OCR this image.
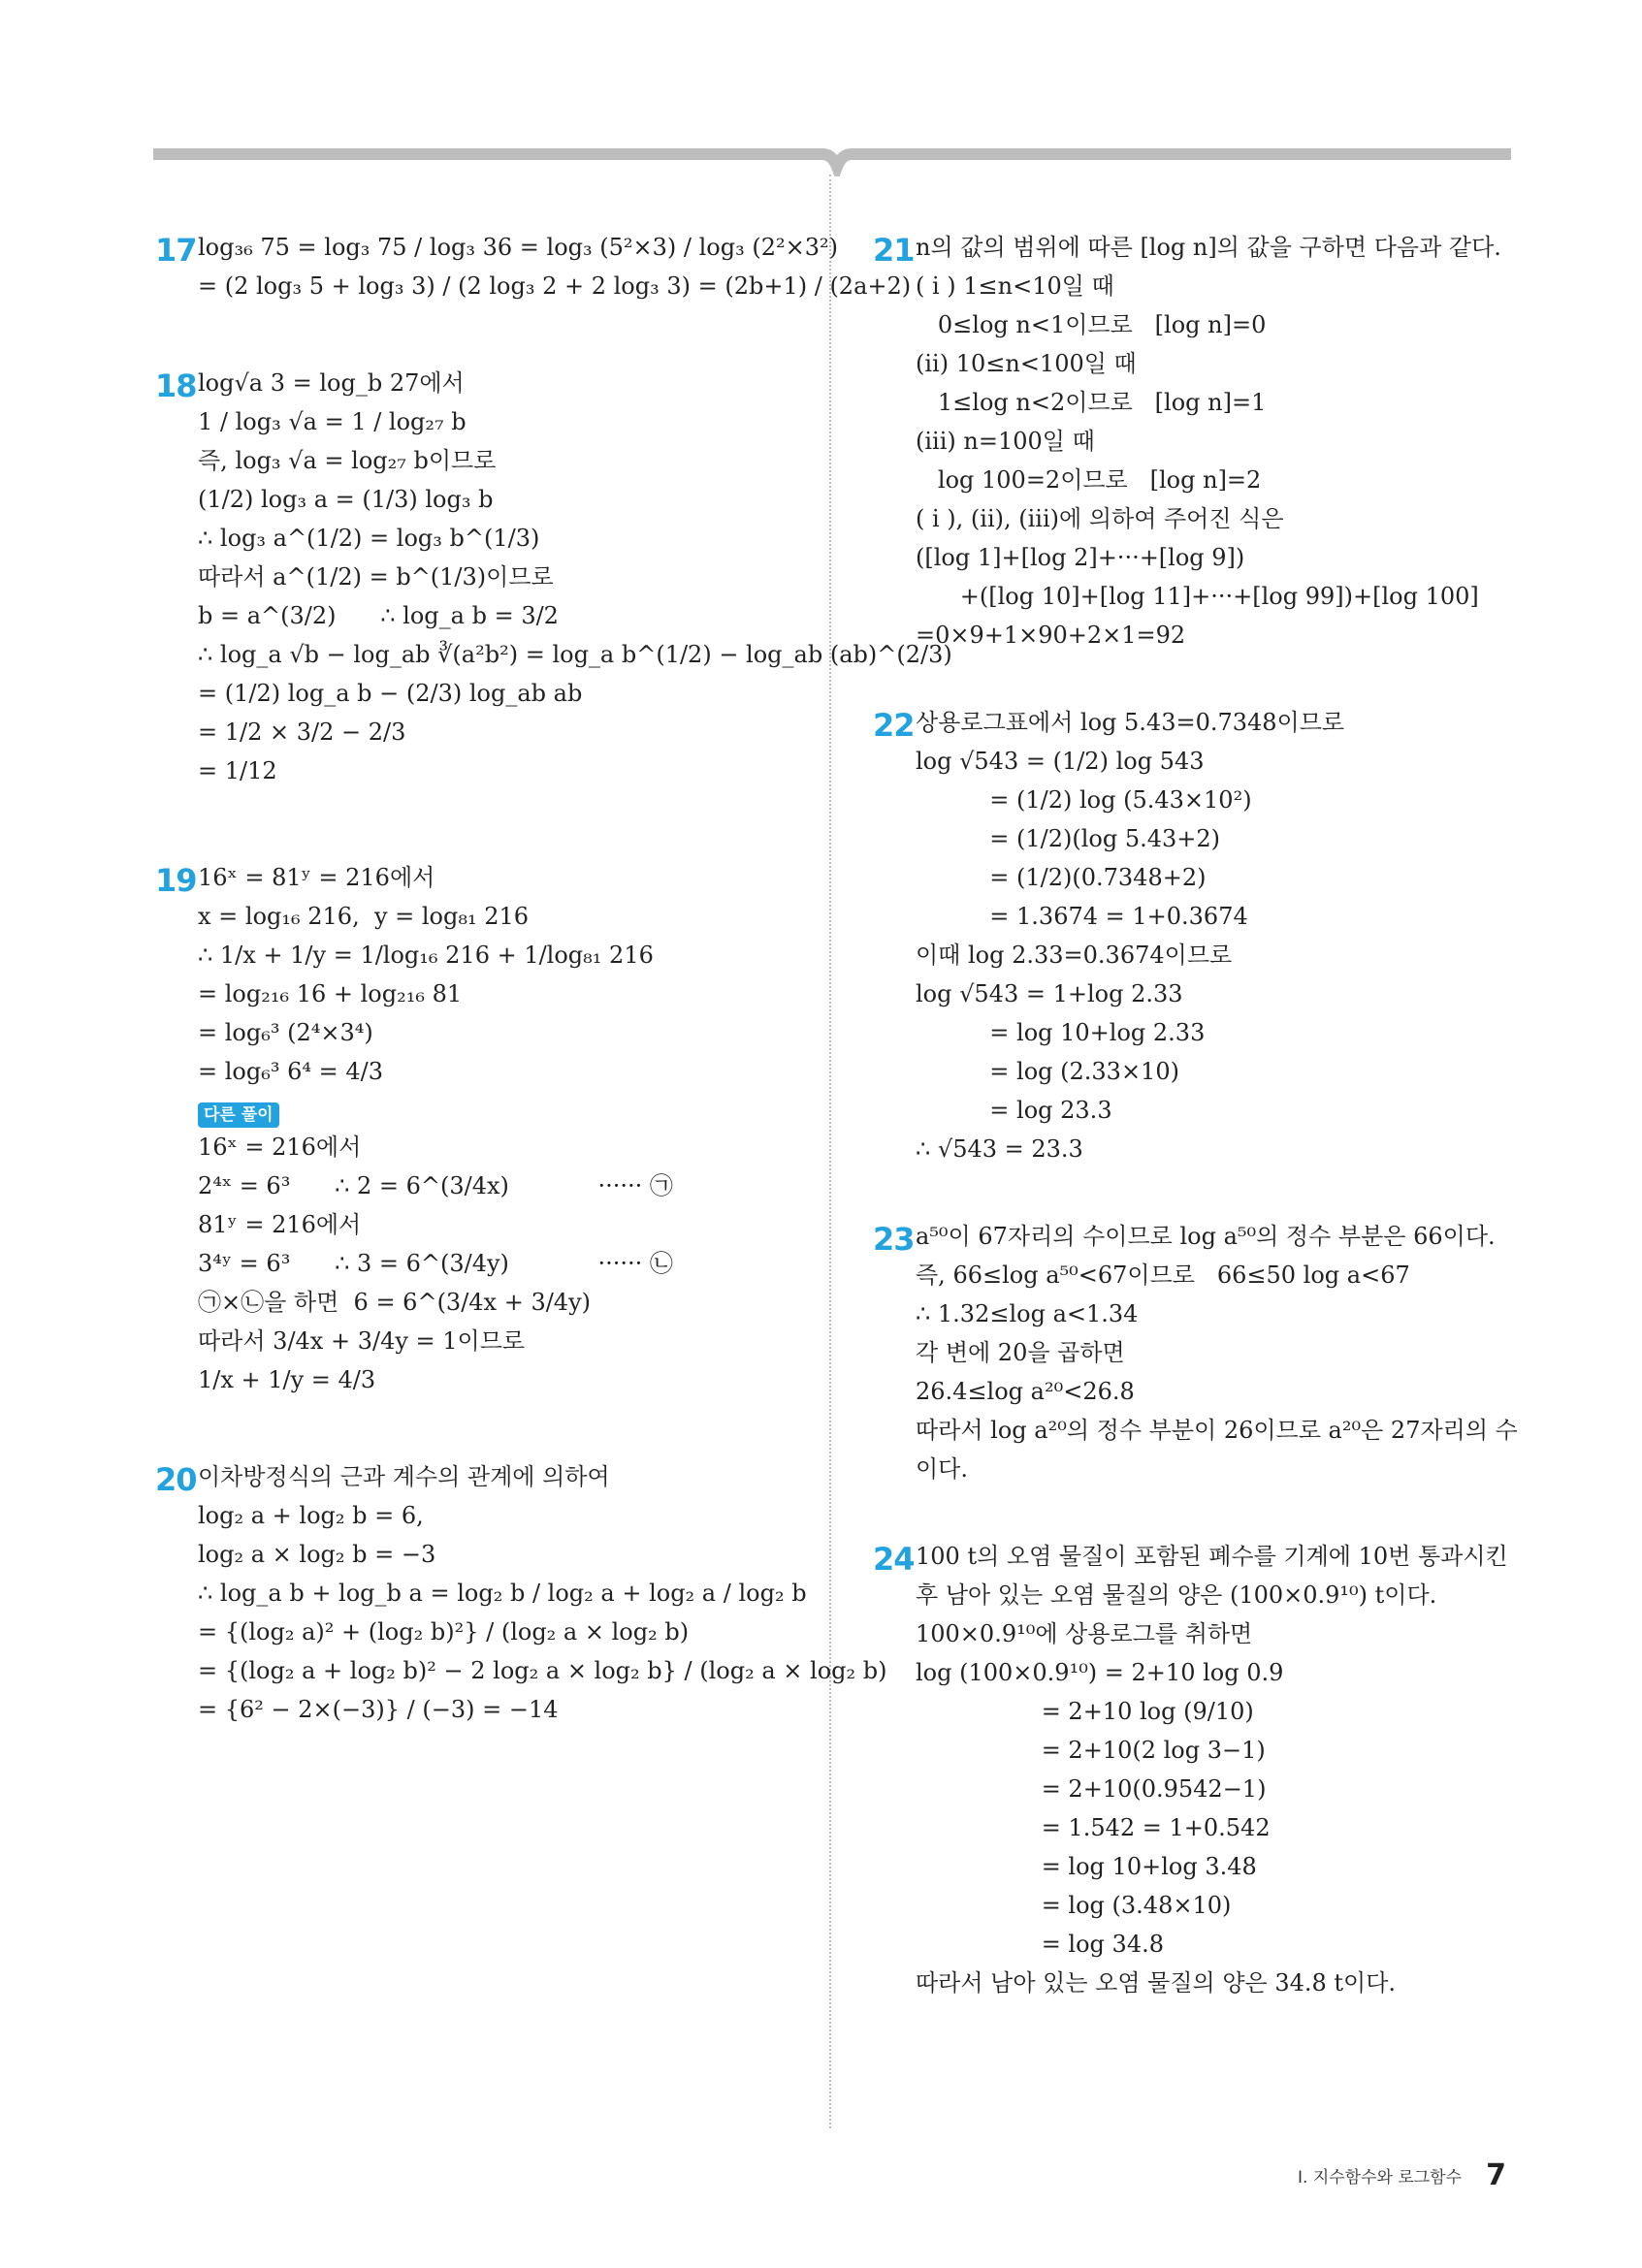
17 log₃₆ 75 = log₃ 75 / log₃ 36 = log₃ (5²×3) / log₃ (2²×3²)
= (2 log₃ 5 + log₃ 3) / (2 log₃ 2 + 2 log₃ 3) = (2b+1) / (2a+2)
18 log√a 3 = log_b 27에서
1 / log₃ √a = 1 / log₂₇ b
즉, log₃ √a = log₂₇ b이므로
(1/2) log₃ a = (1/3) log₃ b
∴ log₃ a^(1/2) = log₃ b^(1/3)
따라서 a^(1/2) = b^(1/3)이므로
b = a^(3/2)      ∴ log_a b = 3/2
∴ log_a √b − log_ab ∛(a²b²) = log_a b^(1/2) − log_ab (ab)^(2/3)
= (1/2) log_a b − (2/3) log_ab ab
= 1/2 × 3/2 − 2/3
= 1/12
19 16ˣ = 81ʸ = 216에서
x = log₁₆ 216,  y = log₈₁ 216
∴ 1/x + 1/y = 1/log₁₆ 216 + 1/log₈₁ 216
= log₂₁₆ 16 + log₂₁₆ 81
= log₆³ (2⁴×3⁴)
= log₆³ 6⁴ = 4/3
다른 풀이
16ˣ = 216에서
2⁴ˣ = 6³      ∴ 2 = 6^(3/4x)            ······ ㉠
81ʸ = 216에서
3⁴ʸ = 6³      ∴ 3 = 6^(3/4y)            ······ ㉡
㉠×㉡을 하면  6 = 6^(3/4x + 3/4y)
따라서 3/4x + 3/4y = 1이므로
1/x + 1/y = 4/3
20 이차방정식의 근과 계수의 관계에 의하여
log₂ a + log₂ b = 6,
log₂ a × log₂ b = −3
∴ log_a b + log_b a = log₂ b / log₂ a + log₂ a / log₂ b
= {(log₂ a)² + (log₂ b)²} / (log₂ a × log₂ b)
= {(log₂ a + log₂ b)² − 2 log₂ a × log₂ b} / (log₂ a × log₂ b)
= {6² − 2×(−3)} / (−3) = −14
21 n의 값의 범위에 따른 [log n]의 값을 구하면 다음과 같다.
( i ) 1≤n<10일 때
0≤log n<1이므로   [log n]=0
(ii) 10≤n<100일 때
1≤log n<2이므로   [log n]=1
(iii) n=100일 때
log 100=2이므로   [log n]=2
( i ), (ii), (iii)에 의하여 주어진 식은
([log 1]+[log 2]+···+[log 9])
+([log 10]+[log 11]+···+[log 99])+[log 100]
=0×9+1×90+2×1=92
22 상용로그표에서 log 5.43=0.7348이므로
log √543 = (1/2) log 543
= (1/2) log (5.43×10²)
= (1/2)(log 5.43+2)
= (1/2)(0.7348+2)
= 1.3674 = 1+0.3674
이때 log 2.33=0.3674이므로
log √543 = 1+log 2.33
= log 10+log 2.33
= log (2.33×10)
= log 23.3
∴ √543 = 23.3
23 a⁵⁰이 67자리의 수이므로 log a⁵⁰의 정수 부분은 66이다.
즉, 66≤log a⁵⁰<67이므로   66≤50 log a<67
∴ 1.32≤log a<1.34
각 변에 20을 곱하면
26.4≤log a²⁰<26.8
따라서 log a²⁰의 정수 부분이 26이므로 a²⁰은 27자리의 수
이다.
24 100 t의 오염 물질이 포함된 폐수를 기계에 10번 통과시킨
후 남아 있는 오염 물질의 양은 (100×0.9¹⁰) t이다.
100×0.9¹⁰에 상용로그를 취하면
log (100×0.9¹⁰) = 2+10 log 0.9
= 2+10 log (9/10)
= 2+10(2 log 3−1)
= 2+10(0.9542−1)
= 1.542 = 1+0.542
= log 10+log 3.48
= log (3.48×10)
= log 34.8
따라서 남아 있는 오염 물질의 양은 34.8 t이다.
Ⅰ. 지수함수와 로그함수 7
